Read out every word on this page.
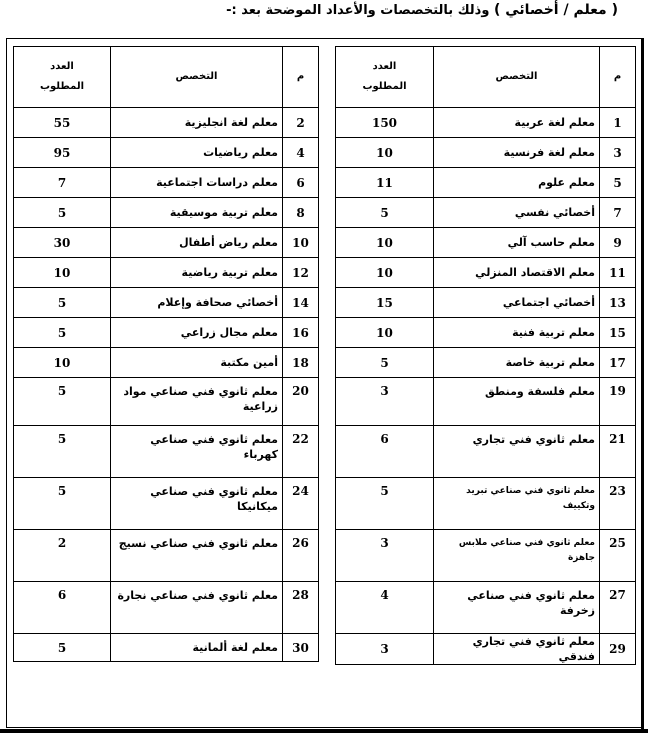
( معلم / أخصائي ) وذلك بالتخصصات والأعداد الموضحة بعد :-
م	التخصص	العدد
المطلوب
1	معلم لغة عربية	150
3	معلم لغة فرنسية	10
5	معلم علوم	11
7	أخصائي نفسي	5
9	معلم حاسب آلي	10
11	معلم الاقتصاد المنزلي	10
13	أخصائي اجتماعي	15
15	معلم تربية فنية	10
17	معلم تربية خاصة	5
19	معلم فلسفة ومنطق	3
21	معلم ثانوي فني تجاري	6
23	معلم ثانوي فني صناعي تبريد وتكييف	5
25	معلم ثانوي فني صناعي ملابس جاهزة	3
27	معلم ثانوي فني صناعي زخرفة	4
29	معلم ثانوي فني تجاري فندقي	3
م	التخصص	العدد
المطلوب
2	معلم لغة انجليزية	55
4	معلم رياضيات	95
6	معلم دراسات اجتماعية	7
8	معلم تربية موسيقية	5
10	معلم رياض أطفال	30
12	معلم تربية رياضية	10
14	أخصائي صحافة وإعلام	5
16	معلم مجال زراعي	5
18	أمين مكتبة	10
20	معلم ثانوي فني صناعي مواد زراعية	5
22	معلم ثانوي فني صناعي كهرباء	5
24	معلم ثانوي فني صناعي ميكانيكا	5
26	معلم ثانوي فني صناعي نسيج	2
28	معلم ثانوي فني صناعي نجارة	6
30	معلم لغة ألمانية	5
